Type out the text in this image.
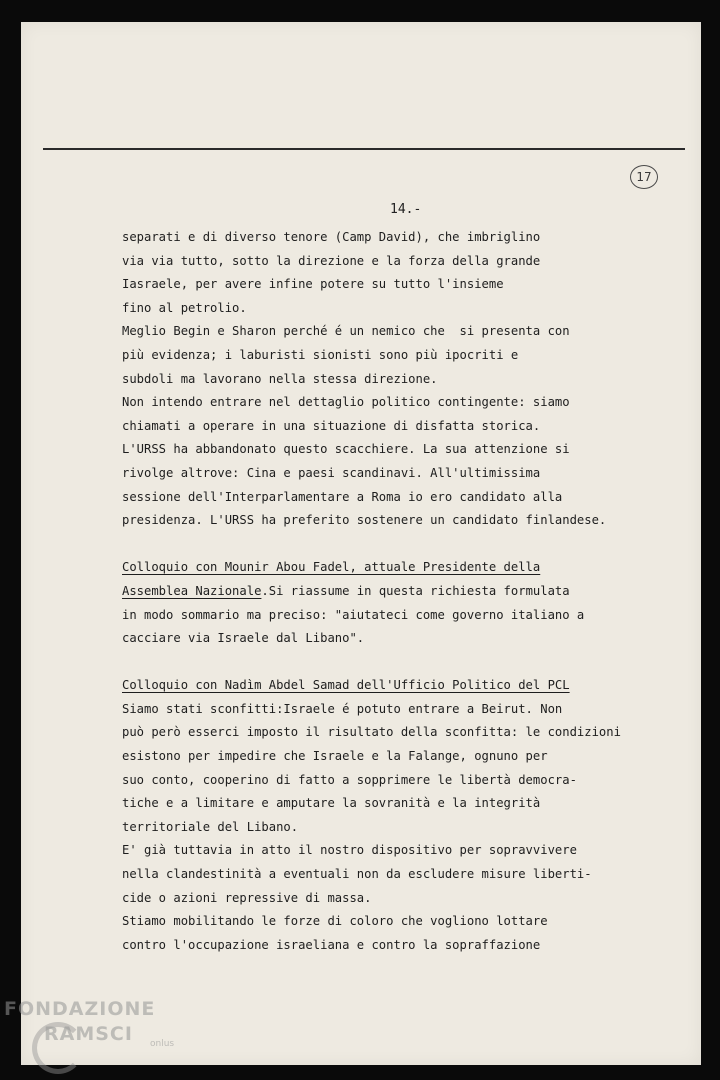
17
14.-
separati e di diverso tenore (Camp David), che imbriglino
via via tutto, sotto la direzione e la forza della grande
Iasraele, per avere infine potere su tutto l'insieme
fino al petrolio.
Meglio Begin e Sharon perché é un nemico che  si presenta con
più evidenza; i laburisti sionisti sono più ipocriti e
subdoli ma lavorano nella stessa direzione.
Non intendo entrare nel dettaglio politico contingente: siamo
chiamati a operare in una situazione di disfatta storica.
L'URSS ha abbandonato questo scacchiere. La sua attenzione si
rivolge altrove: Cina e paesi scandinavi. All'ultimissima
sessione dell'Interparlamentare a Roma io ero candidato alla
presidenza. L'URSS ha preferito sostenere un candidato finlandese.
Colloquio con Mounir Abou Fadel, attuale Presidente della
Assemblea Nazionale.Si riassume in questa richiesta formulata
in modo sommario ma preciso: "aiutateci come governo italiano a
cacciare via Israele dal Libano".
Colloquio con Nadìm Abdel Samad dell'Ufficio Politico del PCL
Siamo stati sconfitti:Israele é potuto entrare a Beirut. Non
può però esserci imposto il risultato della sconfitta: le condizioni
esistono per impedire che Israele e la Falange, ognuno per
suo conto, cooperino di fatto a sopprimere le libertà democra-
tiche e a limitare e amputare la sovranità e la integrità
territoriale del Libano.
E' già tuttavia in atto il nostro dispositivo per sopravvivere
nella clandestinità a eventuali non da escludere misure liberti-
cide o azioni repressive di massa.
Stiamo mobilitando le forze di coloro che vogliono lottare
contro l'occupazione israeliana e contro la sopraffazione
FONDAZIONE
RAMSCI	onlus
